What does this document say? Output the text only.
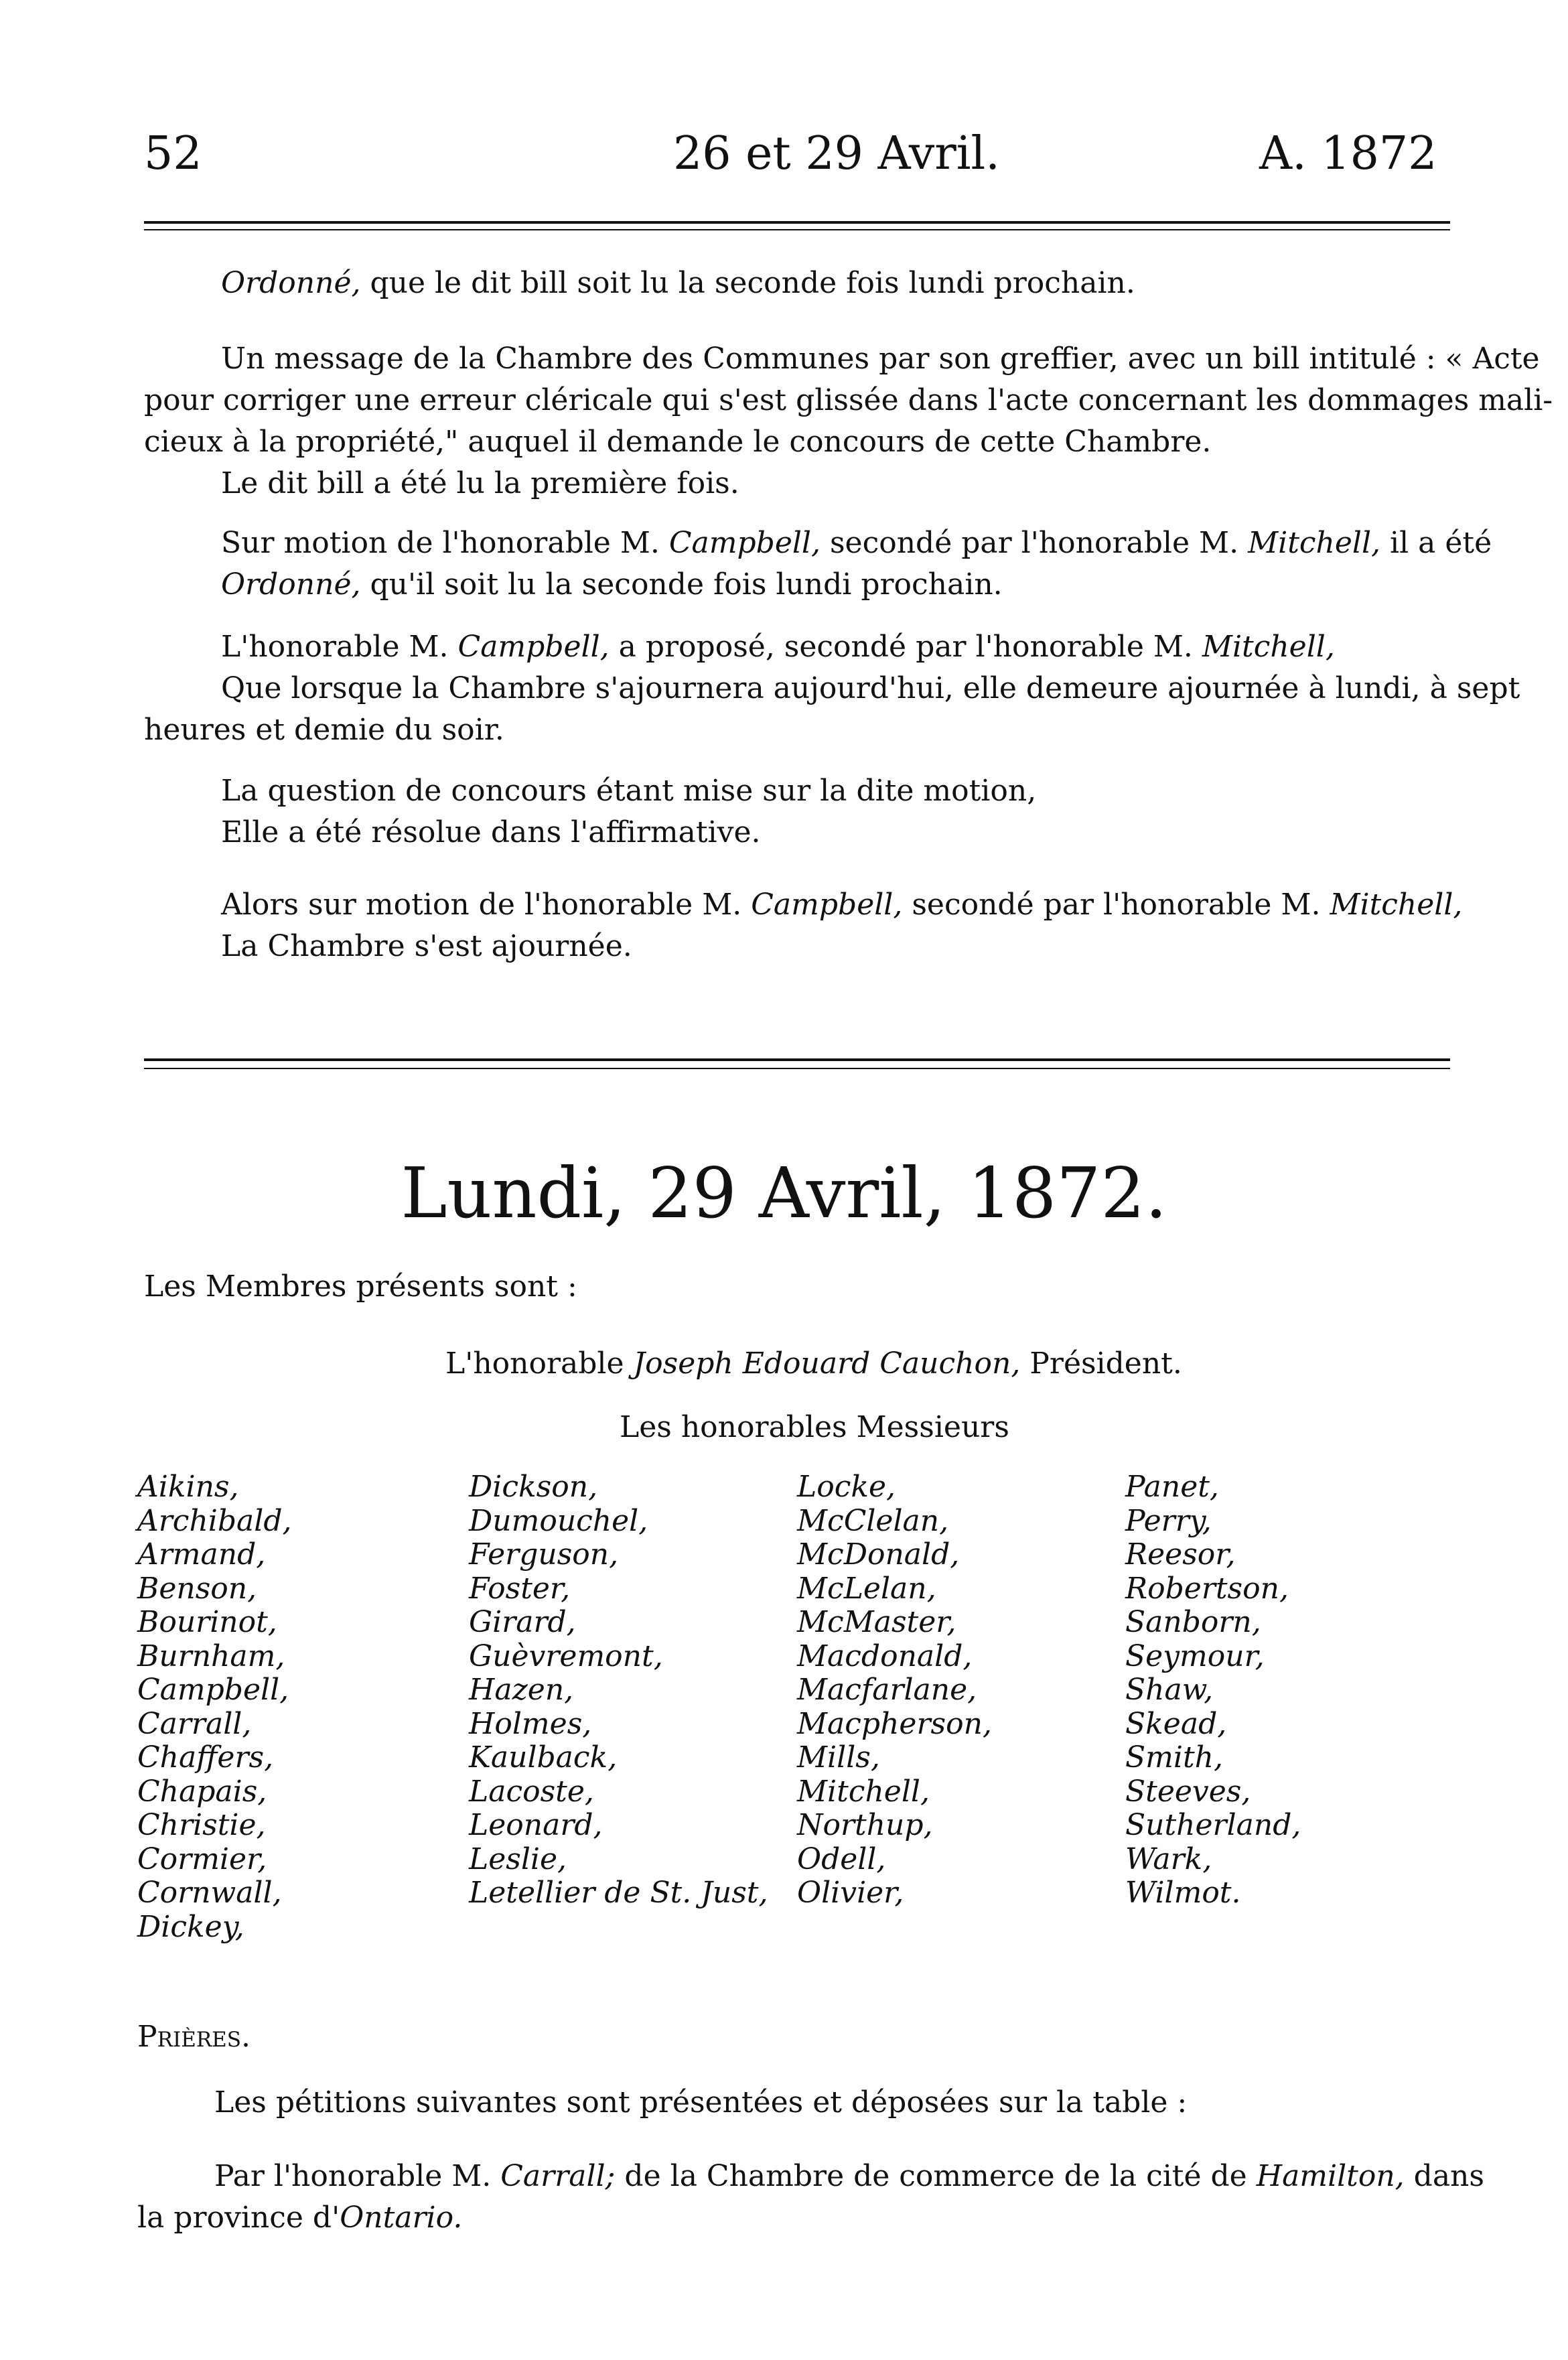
52	26 et 29 Avril.	A. 1872
Ordonné, que le dit bill soit lu la seconde fois lundi prochain.
Un message de la Chambre des Communes par son greffier, avec un bill intitulé : « Acte
pour corriger une erreur cléricale qui s'est glissée dans l'acte concernant les dommages mali-
cieux à la propriété," auquel il demande le concours de cette Chambre.
Le dit bill a été lu la première fois.
Sur motion de l'honorable M. Campbell, secondé par l'honorable M. Mitchell, il a été
Ordonné, qu'il soit lu la seconde fois lundi prochain.
L'honorable M. Campbell, a proposé, secondé par l'honorable M. Mitchell,
Que lorsque la Chambre s'ajournera aujourd'hui, elle demeure ajournée à lundi, à sept
heures et demie du soir.
La question de concours étant mise sur la dite motion,
Elle a été résolue dans l'affirmative.
Alors sur motion de l'honorable M. Campbell, secondé par l'honorable M. Mitchell,
La Chambre s'est ajournée.
Lundi, 29 Avril, 1872.
Les Membres présents sont :
L'honorable Joseph Edouard Cauchon, Président.
Les honorables Messieurs
Aikins,
Archibald,
Armand,
Benson,
Bourinot,
Burnham,
Campbell,
Carrall,
Chaffers,
Chapais,
Christie,
Cormier,
Cornwall,
Dickey,
Dickson,
Dumouchel,
Ferguson,
Foster,
Girard,
Guèvremont,
Hazen,
Holmes,
Kaulback,
Lacoste,
Leonard,
Leslie,
Letellier de St. Just,
Locke,
McClelan,
McDonald,
McLelan,
McMaster,
Macdonald,
Macfarlane,
Macpherson,
Mills,
Mitchell,
Northup,
Odell,
Olivier,
Panet,
Perry,
Reesor,
Robertson,
Sanborn,
Seymour,
Shaw,
Skead,
Smith,
Steeves,
Sutherland,
Wark,
Wilmot.
Prières.
Les pétitions suivantes sont présentées et déposées sur la table :
Par l'honorable M. Carrall; de la Chambre de commerce de la cité de Hamilton, dans
la province d'Ontario.
